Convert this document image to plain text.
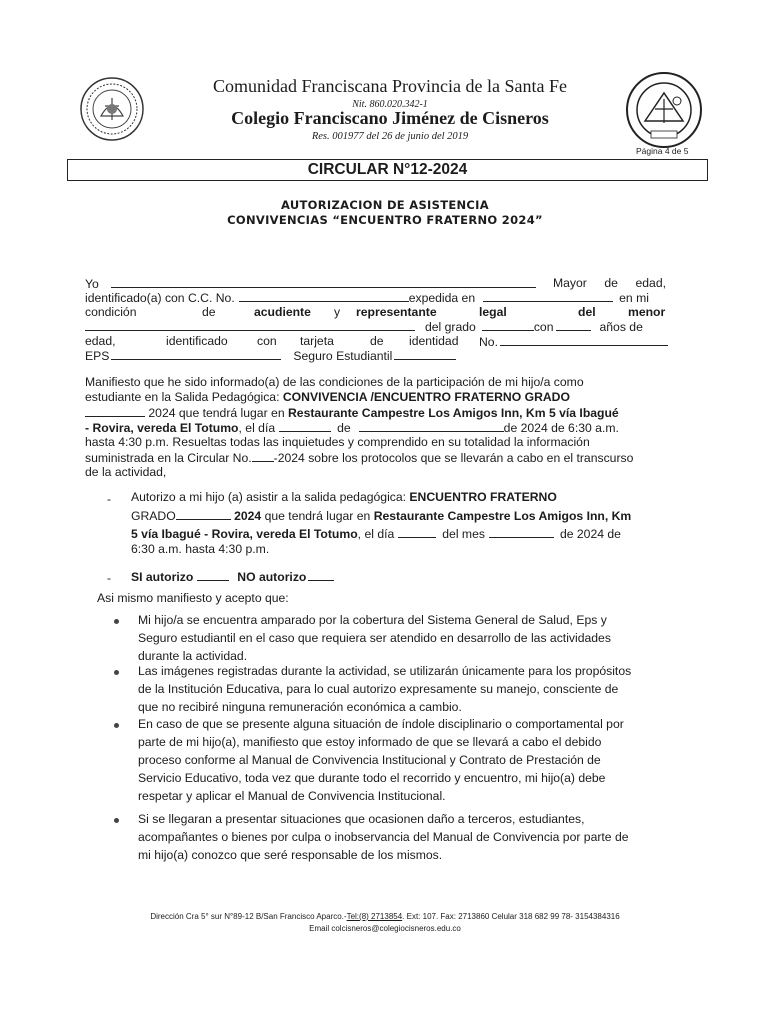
Comunidad Franciscana Provincia de la Santa Fe
Nit. 860.020.342-1
Colegio Franciscano Jiménez de Cisneros
Res. 001977 del 26 de junio del 2019
Página 4 de 5
CIRCULAR N°12-2024
AUTORIZACION DE ASISTENCIA
CONVIVENCIAS “ENCUENTRO FRATERNO 2024”
Yo	Mayor de edad,
identificado(a) con C.C. No.	expedida en	en mi
condición	de	acudiente y representante	legal	del	menor
del grado	con	años de
edad,	identificado con tarjeta	de identidad No.
EPS	Seguro Estudiantil
Manifiesto que he sido informado(a) de las condiciones de la participación de mi hijo/a como
estudiante en la Salida Pedagógica: CONVIVENCIA /ENCUENTRO FRATERNO GRADO
2024 que tendrá lugar en Restaurante Campestre Los Amigos Inn, Km 5 vía Ibagué
- Rovira, vereda El Totumo, el día	de	de 2024 de 6:30 a.m.
hasta 4:30 p.m. Resueltas todas las inquietudes y comprendido en su totalidad la información
suministrada en la Circular No. -2024 sobre los protocolos que se llevarán a cabo en el transcurso
de la actividad,
- Autorizo a mi hijo (a) asistir a la salida pedagógica: ENCUENTRO FRATERNO
GRADO	2024 que tendrá lugar en Restaurante Campestre Los Amigos Inn, Km
5 vía Ibagué - Rovira, vereda El Totumo, el día	del mes	de 2024 de
6:30 a.m. hasta 4:30 p.m.
- SI autorizo	NO autorizo
Asi mismo manifiesto y acepto que:
Mi hijo/a se encuentra amparado por la cobertura del Sistema General de Salud, Eps y
Seguro estudiantil en el caso que requiera ser atendido en desarrollo de las actividades
durante la actividad.
Las imágenes registradas durante la actividad, se utilizarán únicamente para los propósitos
de la Institución Educativa, para lo cual autorizo expresamente su manejo, consciente de
que no recibiré ninguna remuneración económica a cambio.
En caso de que se presente alguna situación de índole disciplinario o comportamental por
parte de mi hijo(a), manifiesto que estoy informado de que se llevará a cabo el debido
proceso conforme al Manual de Convivencia Institucional y Contrato de Prestación de
Servicio Educativo, toda vez que durante todo el recorrido y encuentro, mi hijo(a) debe
respetar y aplicar el Manual de Convivencia Institucional.
Si se llegaran a presentar situaciones que ocasionen daño a terceros, estudiantes,
acompañantes o bienes por culpa o inobservancia del Manual de Convivencia por parte de
mi hijo(a) conozco que seré responsable de los mismos.
Dirección Cra 5° sur N°89-12 B/San Francisco Aparco.-Tel:(8) 2713854. Ext: 107. Fax: 2713860 Celular 318 682 99 78- 3154384316
Email colcisneros@colegiocisneros.edu.co
